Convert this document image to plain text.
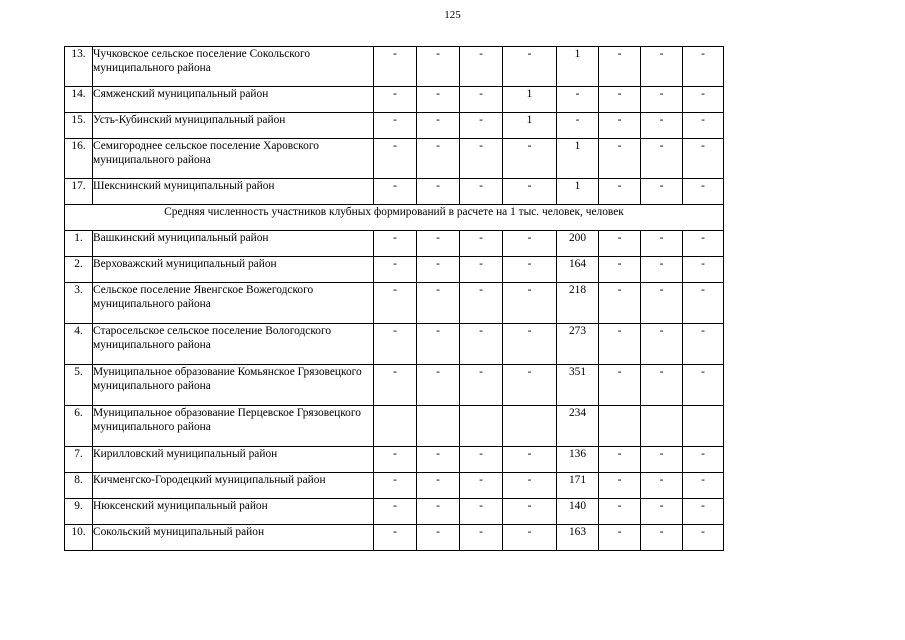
125
13.	Чучковское сельское поселение Сокольского муниципального района	-	-	-	-	1	-	-	-
14.	Сямженский муниципальный район	-	-	-	1	-	-	-	-
15.	Усть-Кубинский муниципальный район	-	-	-	1	-	-	-	-
16.	Семигороднее сельское поселение Харовского муниципального района	-	-	-	-	1	-	-	-
17.	Шекснинский муниципальный район	-	-	-	-	1	-	-	-
Средняя численность участников клубных формирований в расчете на 1 тыс. человек, человек									
1.	Вашкинский муниципальный район	-	-	-	-	200	-	-	-
2.	Верховажский муниципальный район	-	-	-	-	164	-	-	-
3.	Сельское поселение Явенгское Вожегодского муниципального района	-	-	-	-	218	-	-	-
4.	Старосельское сельское поселение Вологодского муниципального района	-	-	-	-	273	-	-	-
5.	Муниципальное образование Комьянское Грязовецкого муниципального района	-	-	-	-	351	-	-	-
6.	Муниципальное образование Перцевское Грязовецкого муниципального района					234			
7.	Кирилловский муниципальный район	-	-	-	-	136	-	-	-
8.	Кичменгско-Городецкий муниципальный район	-	-	-	-	171	-	-	-
9.	Нюксенский муниципальный район	-	-	-	-	140	-	-	-
10.	Сокольский муниципальный район	-	-	-	-	163	-	-	-
